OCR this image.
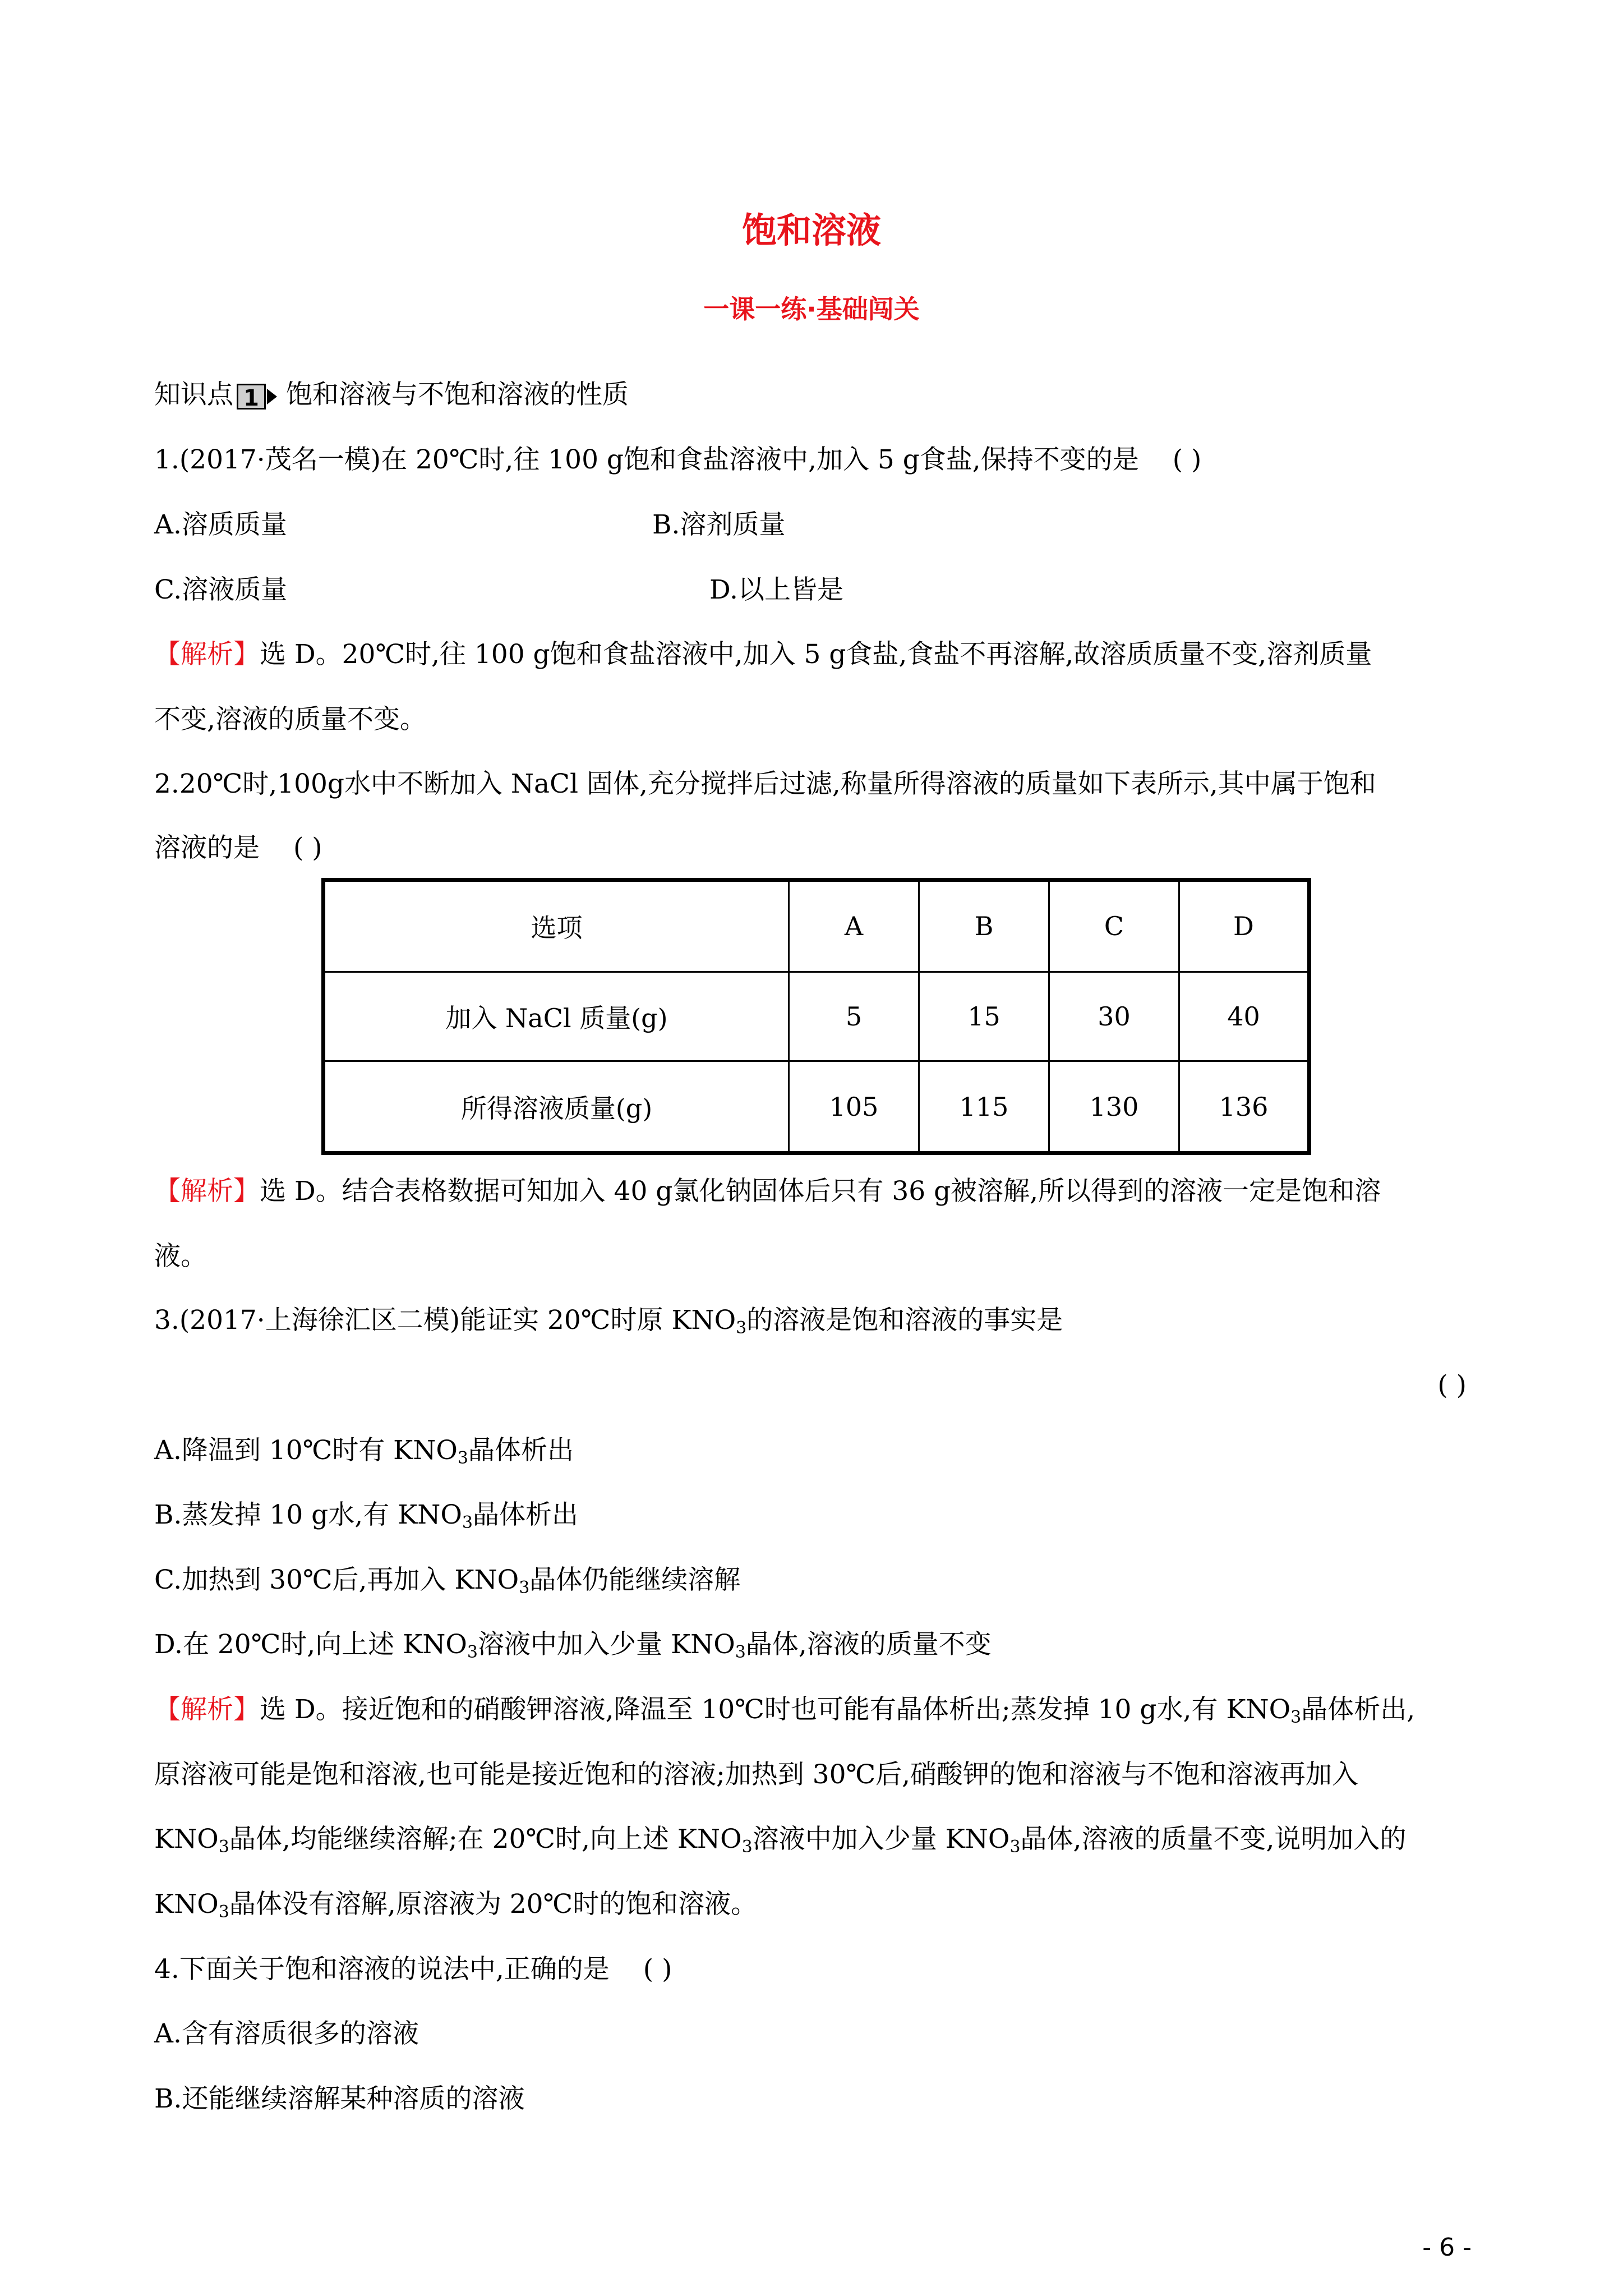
饱和溶液
一课一练·基础闯关
知识点 1 饱和溶液与不饱和溶液的性质
1.(2017·茂名一模)在 20℃时,往 100 g饱和食盐溶液中,加入 5 g食盐,保持不变的是 ( )
A.溶质质量	B.溶剂质量
C.溶液质量	D.以上皆是
【解析】选 D。20℃时,往 100 g饱和食盐溶液中,加入 5 g食盐,食盐不再溶解,故溶质质量不变,溶剂质量
不变,溶液的质量不变。
2.20℃时,100g水中不断加入 NaCl 固体,充分搅拌后过滤,称量所得溶液的质量如下表所示,其中属于饱和
溶液的是 ( )
选项	A	B	C	D
加入 NaCl 质量(g)	5	15	30	40
所得溶液质量(g)	105	115	130	136
【解析】选 D。结合表格数据可知加入 40 g氯化钠固体后只有 36 g被溶解,所以得到的溶液一定是饱和溶
液。
3.(2017·上海徐汇区二模)能证实 20℃时原 $KNO_3$的溶液是饱和溶液的事实是
( )
A.降温到 10℃时有 $KNO_3$晶体析出
B.蒸发掉 10 g水,有 $KNO_3$晶体析出
C.加热到 30℃后,再加入 $KNO_3$晶体仍能继续溶解
D.在 20℃时,向上述 $KNO_3$溶液中加入少量 $KNO_3$晶体,溶液的质量不变
【解析】选 D。接近饱和的硝酸钾溶液,降温至 10℃时也可能有晶体析出;蒸发掉 10 g水,有 $KNO_3$晶体析出,
原溶液可能是饱和溶液,也可能是接近饱和的溶液;加热到 30℃后,硝酸钾的饱和溶液与不饱和溶液再加入
$KNO_3$晶体,均能继续溶解;在 20℃时,向上述 $KNO_3$溶液中加入少量 $KNO_3$晶体,溶液的质量不变,说明加入的
$KNO_3$晶体没有溶解,原溶液为 20℃时的饱和溶液。
4.下面关于饱和溶液的说法中,正确的是 ( )
A.含有溶质很多的溶液
B.还能继续溶解某种溶质的溶液
- 6 -
